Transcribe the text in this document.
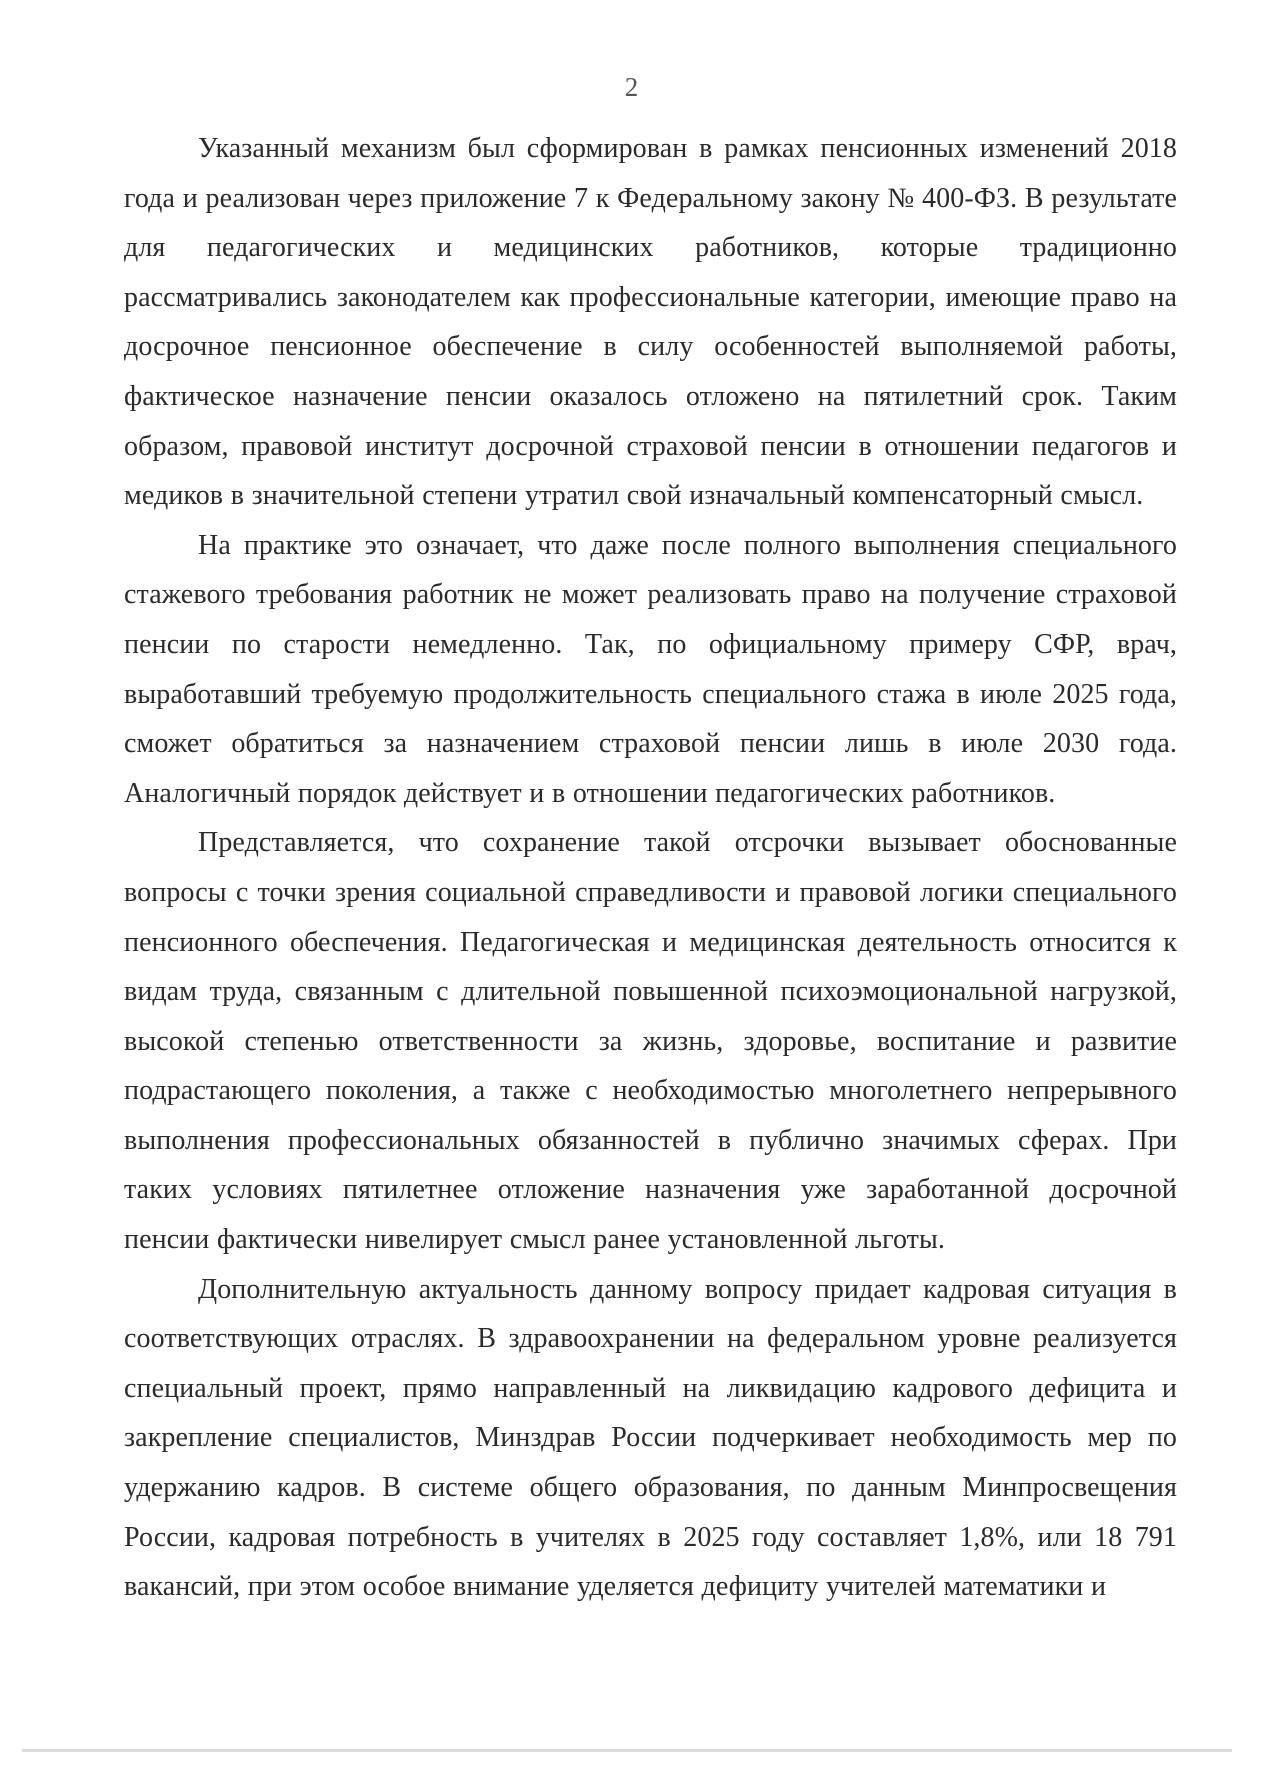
2

Указанный механизм был сформирован в рамках пенсионных изменений 2018 года и реализован через приложение 7 к Федеральному закону № 400-ФЗ. В результате для педагогических и медицинских работников, которые традиционно рассматривались законодателем как профессиональные категории, имеющие право на досрочное пенсионное обеспечение в силу особенностей выполняемой работы, фактическое назначение пенсии оказалось отложено на пятилетний срок. Таким образом, правовой институт досрочной страховой пенсии в отношении педагогов и медиков в значительной степени утратил свой изначальный компенсаторный смысл.

На практике это означает, что даже после полного выполнения специального стажевого требования работник не может реализовать право на получение страховой пенсии по старости немедленно. Так, по официальному примеру СФР, врач, выработавший требуемую продолжительность специального стажа в июле 2025 года, сможет обратиться за назначением страховой пенсии лишь в июле 2030 года. Аналогичный порядок действует и в отношении педагогических работников.

Представляется, что сохранение такой отсрочки вызывает обоснованные вопросы с точки зрения социальной справедливости и правовой логики специального пенсионного обеспечения. Педагогическая и медицинская деятельность относится к видам труда, связанным с длительной повышенной психоэмоциональной нагрузкой, высокой степенью ответственности за жизнь, здоровье, воспитание и развитие подрастающего поколения, а также с необходимостью многолетнего непрерывного выполнения профессиональных обязанностей в публично значимых сферах. При таких условиях пятилетнее отложение назначения уже заработанной досрочной пенсии фактически нивелирует смысл ранее установленной льготы.

Дополнительную актуальность данному вопросу придает кадровая ситуация в соответствующих отраслях. В здравоохранении на федеральном уровне реализуется специальный проект, прямо направленный на ликвидацию кадрового дефицита и закрепление специалистов, Минздрав России подчеркивает необходимость мер по удержанию кадров. В системе общего образования, по данным Минпросвещения России, кадровая потребность в учителях в 2025 году составляет 1,8%, или 18 791 вакансий, при этом особое внимание уделяется дефициту учителей математики и
